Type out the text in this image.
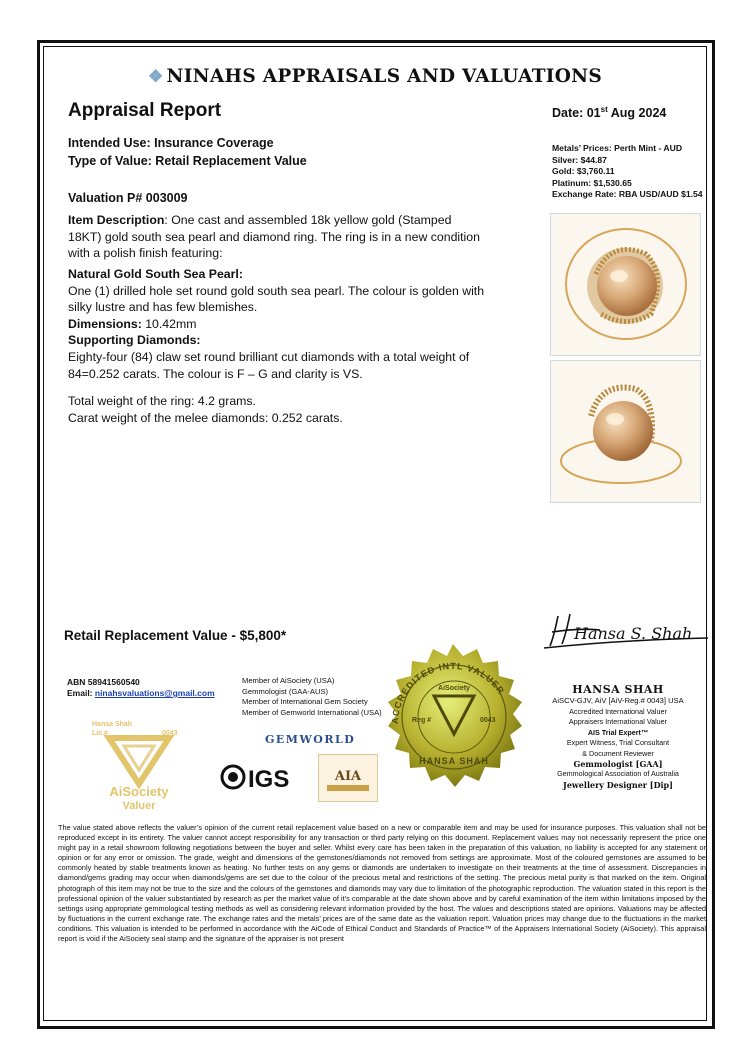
❖ NINAHS APPRAISALS AND VALUATIONS
Appraisal Report	Date: 01st Aug 2024
Intended Use: Insurance Coverage
Type of Value: Retail Replacement Value
Valuation P# 003009
Item Description: One cast and assembled 18k yellow gold (Stamped 18KT) gold south sea pearl and diamond ring. The ring is in a new condition with a polish finish featuring:
Natural Gold South Sea Pearl:
One (1) drilled hole set round gold south sea pearl. The colour is golden with silky lustre and has few blemishes.
Dimensions: 10.42mm
Supporting Diamonds:
Eighty-four (84) claw set round brilliant cut diamonds with a total weight of 84=0.252 carats. The colour is F – G and clarity is VS.
Total weight of the ring: 4.2 grams.
Carat weight of the melee diamonds: 0.252 carats.
Metals’ Prices: Perth Mint - AUD
Silver: $44.87
Gold: $3,760.11
Platinum: $1,530.65
Exchange Rate: RBA USD/AUD $1.54
Hansa S. Shah
Retail Replacement Value - $5,800*
ABN 58941560540
Email: ninahsvaluations@gmail.com
Hansa Shah
Lic.#	0043
AiSociety
Valuer
Member of AiSociety (USA)
Gemmologist (GAA-AUS)
Member of International Gem Society
Member of Gemworld International (USA)
GEMWORLD
IGS	AIA
ACCREDITED INTL VALUER
AiSociety
Reg #	0043
HANSA SHAH
HANSA SHAH
AiSCV-GJV, AiV [AiV-Reg.# 0043] USA
Accredited International Valuer
Appraisers International Valuer
AIS Trial Expert™
Expert Witness, Trial Consultant
& Document Reviewer
Gemmologist [GAA]
Gemmological Association of Australia
Jewellery Designer [Dip]
The value stated above reflects the valuer’s opinion of the current retail replacement value based on a new or comparable item and may be used for insurance purposes. This valuation shall not be reproduced except in its entirety. The valuer cannot accept responsibility for any transaction or third party relying on this document. Replacement values may not necessarily represent the price one might pay in a retail showroom following negotiations between the buyer and seller. Whilst every care has been taken in the preparation of this valuation, no liability is accepted for any statement or opinion or for any error or omission. The grade, weight and dimensions of the gemstones/diamonds not removed from settings are approximate. Most of the coloured gemstones are assumed to be commonly heated by stable treatments known as heating. No further tests on any gems or diamonds are undertaken to investigate on their treatments at the time of assessment. Discrepancies in diamond/gems grading may occur when diamonds/gems are set due to the colour of the precious metal and restrictions of the setting. The precious metal purity is that marked on the item. Original photograph of this item may not be true to the size and the colours of the gemstones and diamonds may vary due to limitation of the photographic reproduction. The valuation stated in this report is the professional opinion of the valuer substantiated by research as per the market value of it’s comparable at the date shown above and by careful examination of the item within limitations imposed by the settings using appropriate gemmological testing methods as well as considering relevant information provided by the host. The values and descriptions stated are opinions. Valuations may be affected by fluctuations in the current exchange rate. The exchange rates and the metals’ prices are of the same date as the valuation report. Valuation prices may change due to the fluctuations in the market conditions. This valuation is intended to be performed in accordance with the AiCode of Ethical Conduct and Standards of Practice™ of the Appraisers International Society (AiSociety). This appraisal report is void if the AiSociety seal stamp and the signature of the appraiser is not present
